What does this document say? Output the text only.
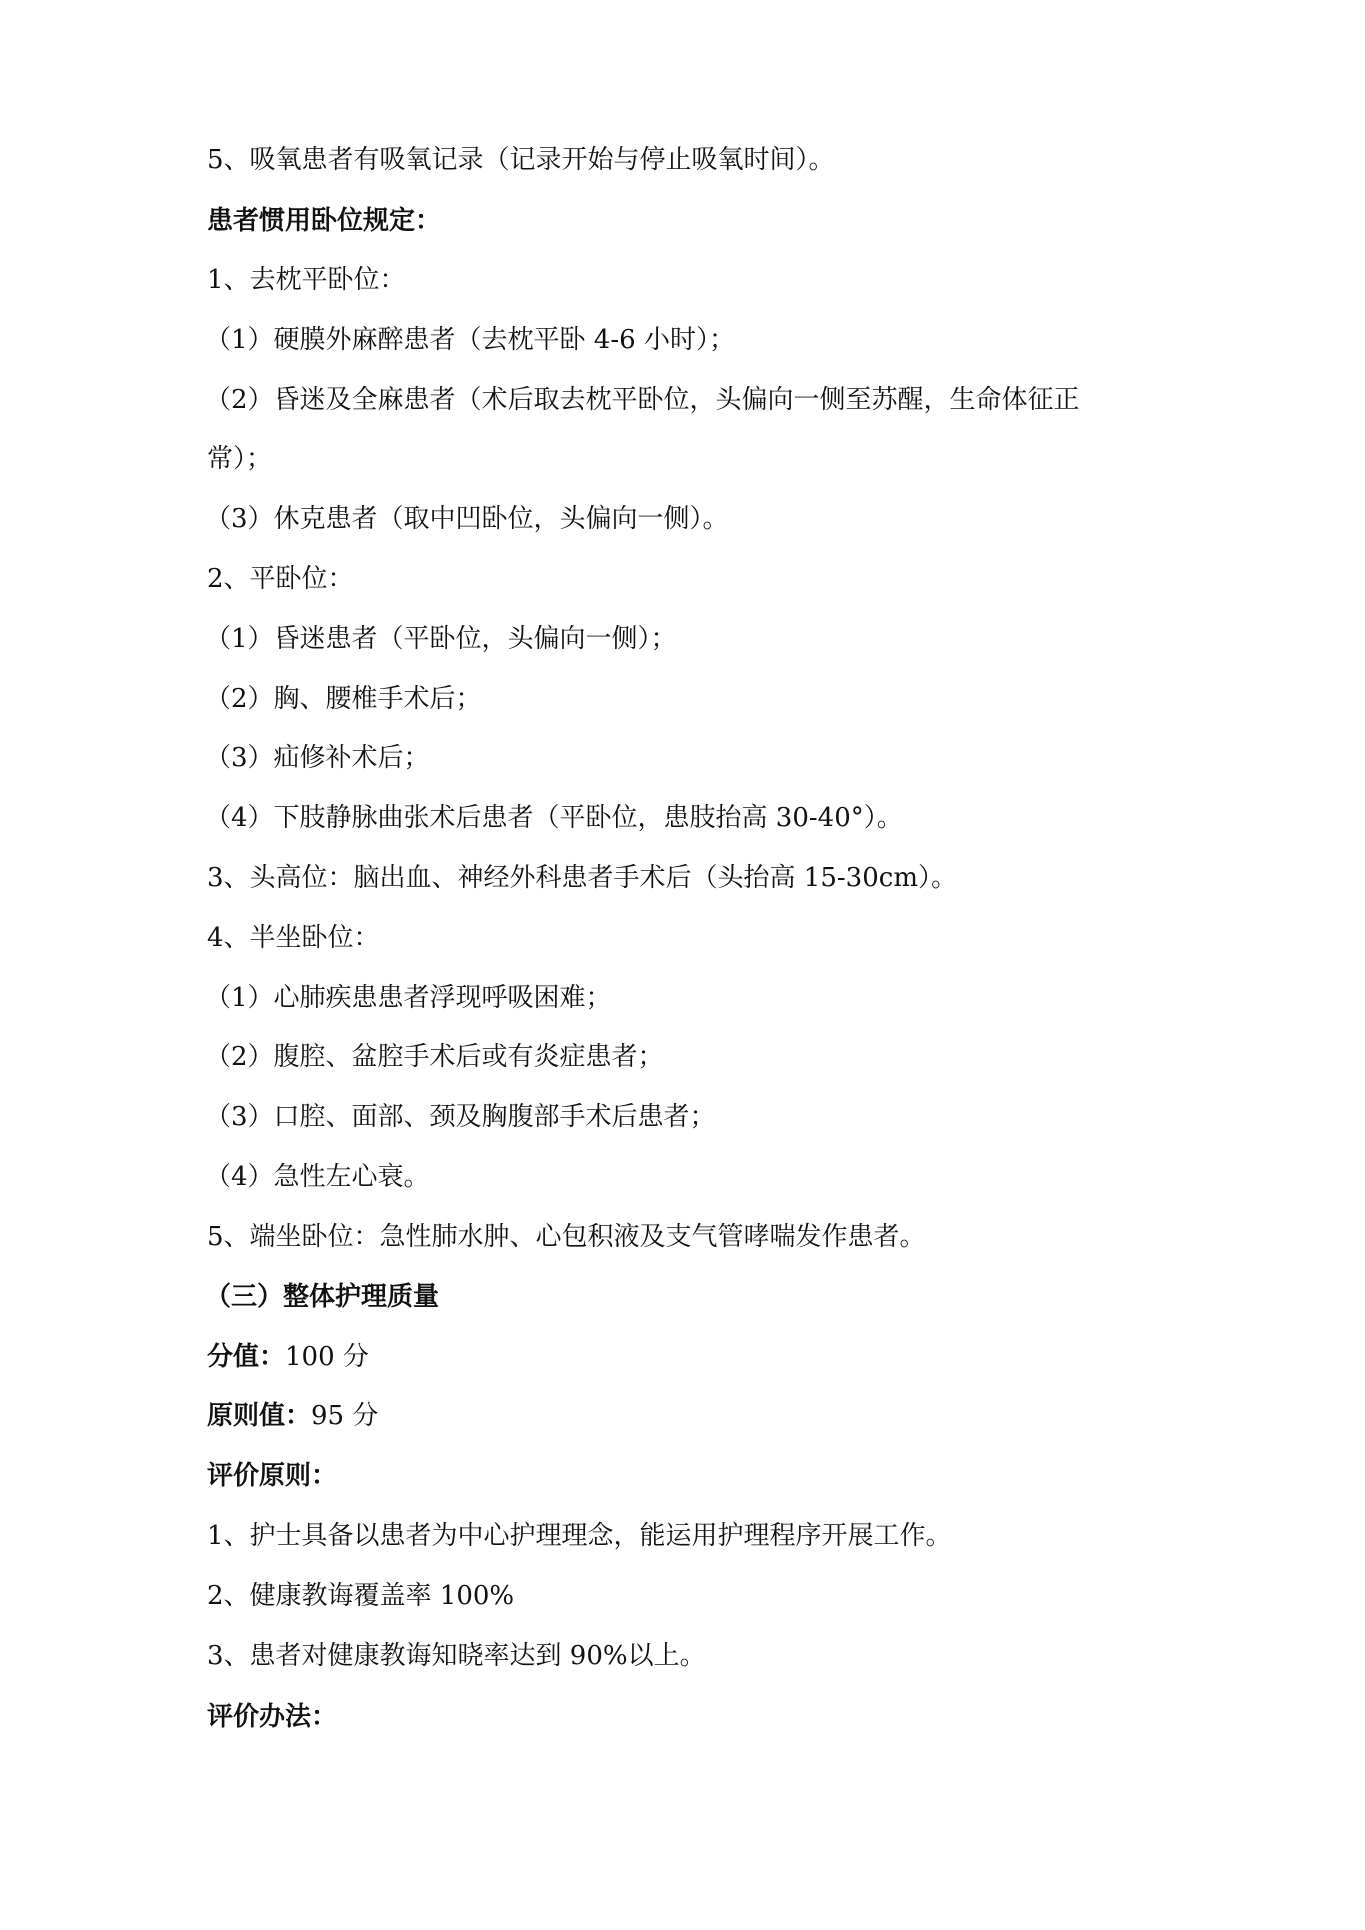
5、吸氧患者有吸氧记录（记录开始与停止吸氧时间）。
患者惯用卧位规定：
1、去枕平卧位：
（1）硬膜外麻醉患者（去枕平卧 4-6 小时）；
（2）昏迷及全麻患者（术后取去枕平卧位，头偏向一侧至苏醒，生命体征正
常）；
（3）休克患者（取中凹卧位，头偏向一侧）。
2、平卧位：
（1）昏迷患者（平卧位，头偏向一侧）；
（2）胸、腰椎手术后；
（3）疝修补术后；
（4）下肢静脉曲张术后患者（平卧位，患肢抬高 30-40°）。
3、头高位：脑出血、神经外科患者手术后（头抬高 15-30cm）。
4、半坐卧位：
（1）心肺疾患患者浮现呼吸困难；
（2）腹腔、盆腔手术后或有炎症患者；
（3）口腔、面部、颈及胸腹部手术后患者；
（4）急性左心衰。
5、端坐卧位：急性肺水肿、心包积液及支气管哮喘发作患者。
（三）整体护理质量
分值：100 分
原则值：95 分
评价原则：
1、护士具备以患者为中心护理理念，能运用护理程序开展工作。
2、健康教诲覆盖率 100%
3、患者对健康教诲知晓率达到 90%以上。
评价办法：
